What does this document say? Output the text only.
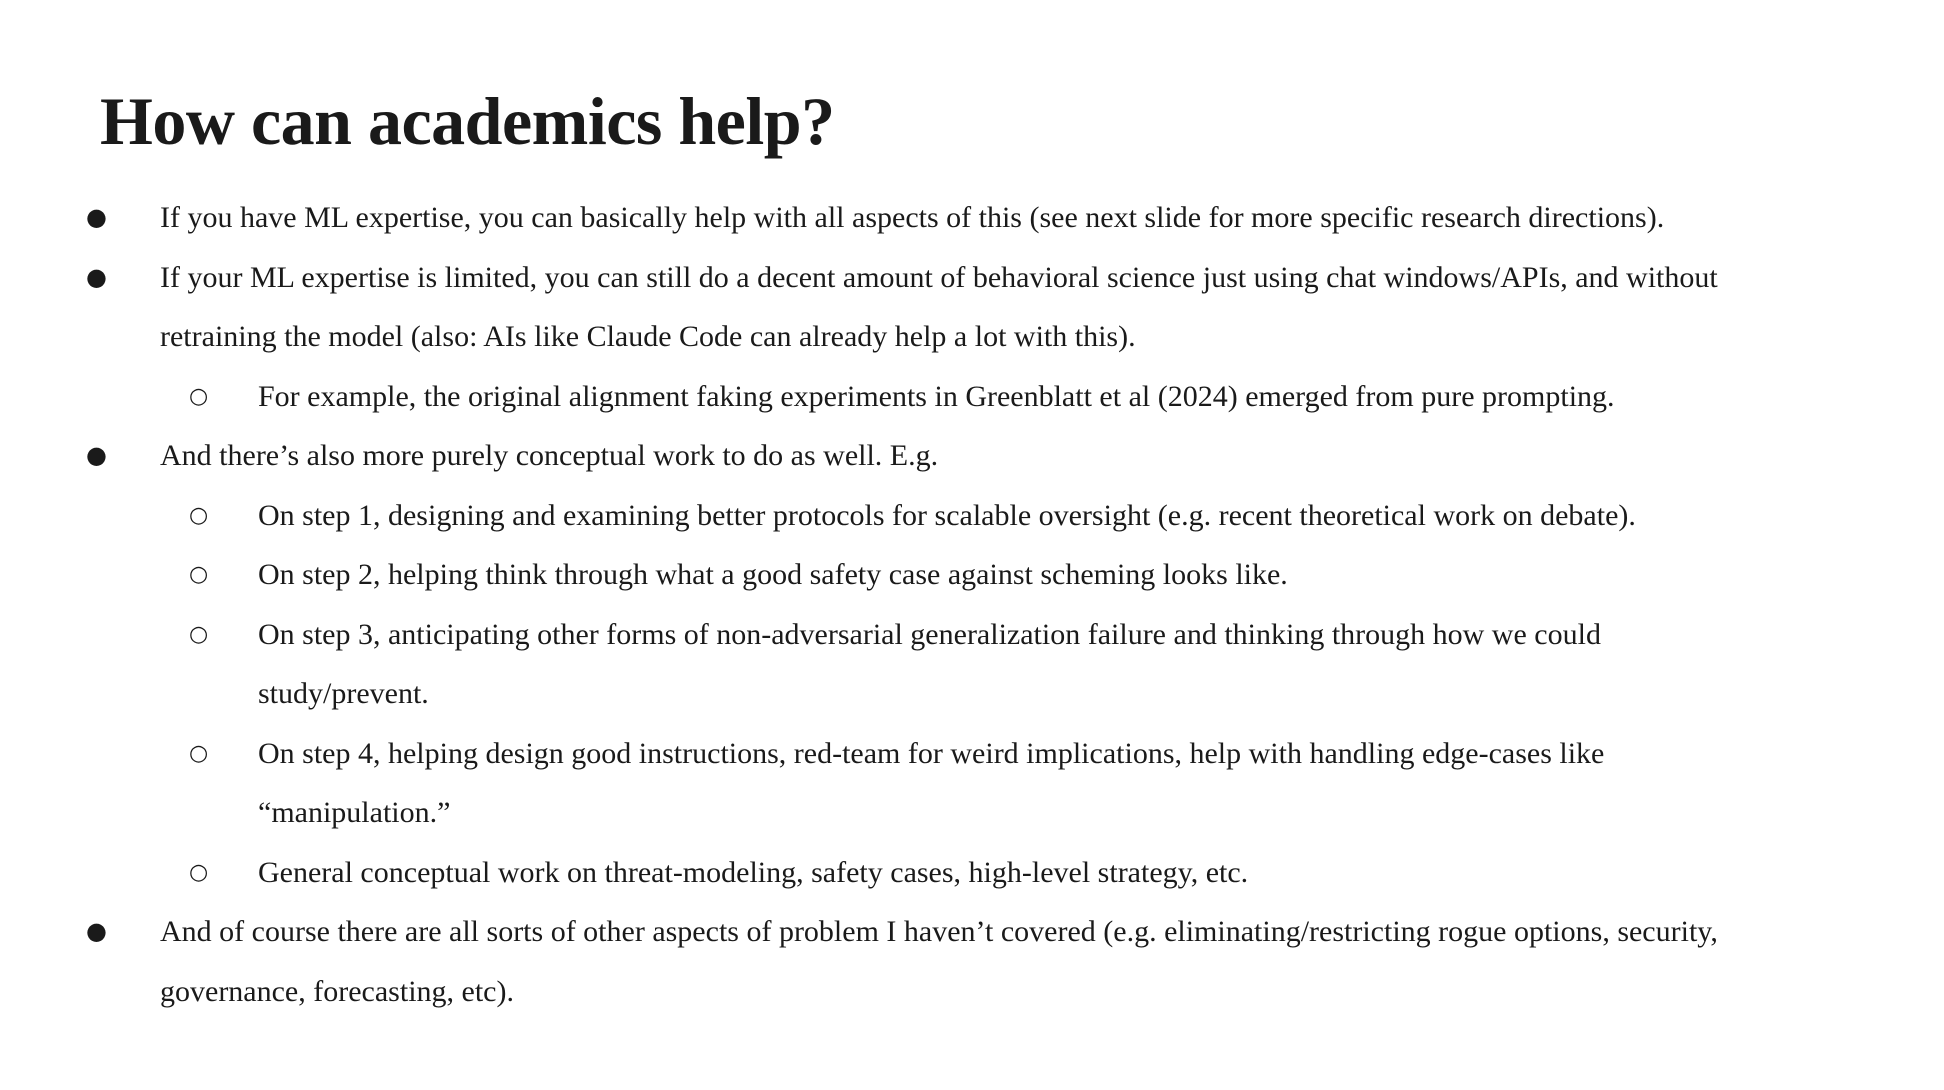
How can academics help?
● If you have ML expertise, you can basically help with all aspects of this (see next slide for more specific research directions).
● If your ML expertise is limited, you can still do a decent amount of behavioral science just using chat windows/APIs, and without
retraining the model (also: AIs like Claude Code can already help a lot with this).
○ For example, the original alignment faking experiments in Greenblatt et al (2024) emerged from pure prompting.
● And there’s also more purely conceptual work to do as well. E.g.
○ On step 1, designing and examining better protocols for scalable oversight (e.g. recent theoretical work on debate).
○ On step 2, helping think through what a good safety case against scheming looks like.
○ On step 3, anticipating other forms of non-adversarial generalization failure and thinking through how we could
study/prevent.
○ On step 4, helping design good instructions, red-team for weird implications, help with handling edge-cases like
“manipulation.”
○ General conceptual work on threat-modeling, safety cases, high-level strategy, etc.
● And of course there are all sorts of other aspects of problem I haven’t covered (e.g. eliminating/restricting rogue options, security,
governance, forecasting, etc).
